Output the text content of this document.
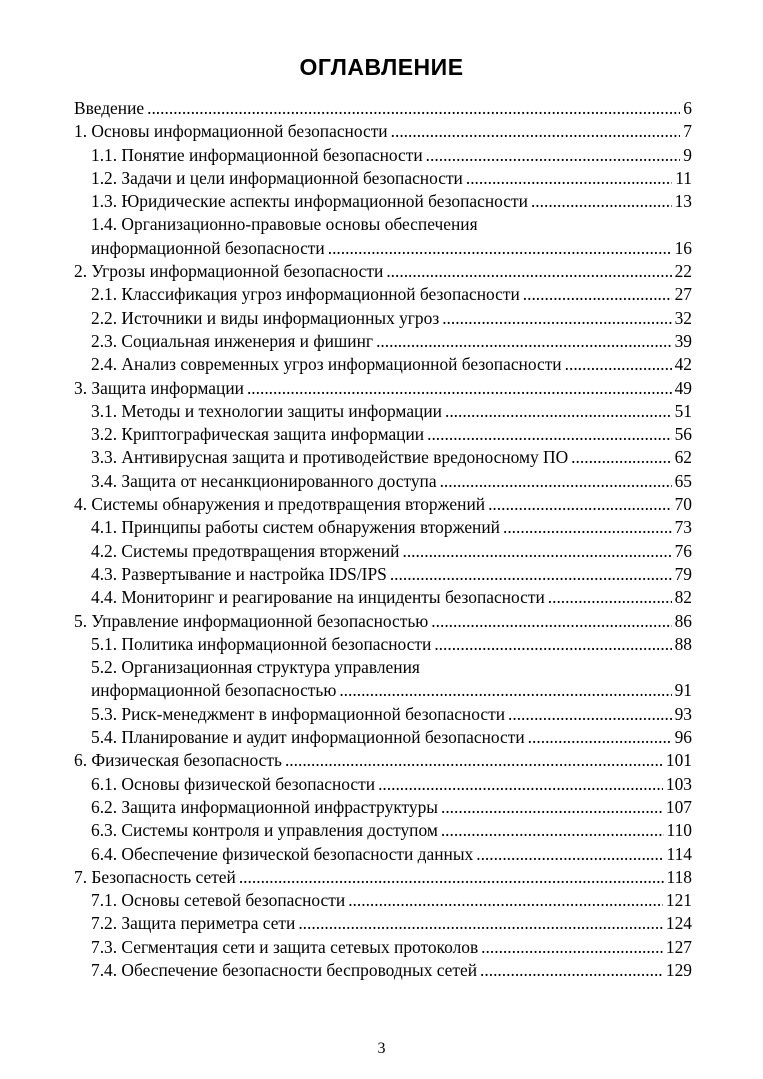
ОГЛАВЛЕНИЕ
Введение .....	6
1. Основы информационной безопасности .....	7
1.1. Понятие информационной безопасности .....	9
1.2. Задачи и цели информационной безопасности .....	11
1.3. Юридические аспекты информационной безопасности .....	13
1.4. Организационно-правовые основы обеспечения
информационной безопасности .....	16
2. Угрозы информационной безопасности .....	22
2.1. Классификация угроз информационной безопасности .....	27
2.2. Источники и виды информационных угроз .....	32
2.3. Социальная инженерия и фишинг .....	39
2.4. Анализ современных угроз информационной безопасности .....	42
3. Защита информации .....	49
3.1. Методы и технологии защиты информации .....	51
3.2. Криптографическая защита информации .....	56
3.3. Антивирусная защита и противодействие вредоносному ПО .....	62
3.4. Защита от несанкционированного доступа .....	65
4. Системы обнаружения и предотвращения вторжений .....	70
4.1. Принципы работы систем обнаружения вторжений .....	73
4.2. Системы предотвращения вторжений .....	76
4.3. Развертывание и настройка IDS/IPS .....	79
4.4. Мониторинг и реагирование на инциденты безопасности .....	82
5. Управление информационной безопасностью .....	86
5.1. Политика информационной безопасности .....	88
5.2. Организационная структура управления
информационной безопасностью .....	91
5.3. Риск-менеджмент в информационной безопасности .....	93
5.4. Планирование и аудит информационной безопасности .....	96
6. Физическая безопасность .....	101
6.1. Основы физической безопасности .....	103
6.2. Защита информационной инфраструктуры .....	107
6.3. Системы контроля и управления доступом .....	110
6.4. Обеспечение физической безопасности данных .....	114
7. Безопасность сетей .....	118
7.1. Основы сетевой безопасности .....	121
7.2. Защита периметра сети .....	124
7.3. Сегментация сети и защита сетевых протоколов .....	127
7.4. Обеспечение безопасности беспроводных сетей .....	129
3
